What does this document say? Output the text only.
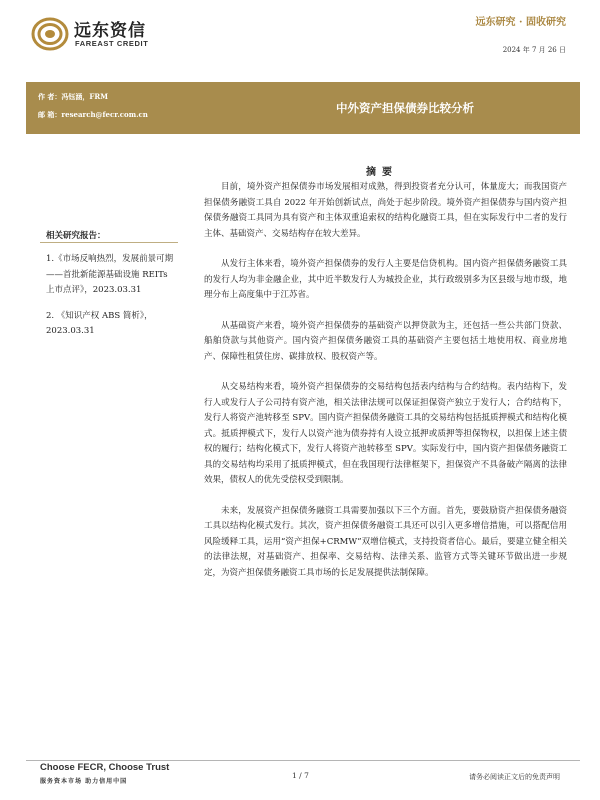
远东资信
FAREAST CREDIT
远东研究 · 固收研究
2024 年 7 月 26 日
作 者：冯钰涵，FRM
邮 箱：research@fecr.com.cn	中外资产担保债券比较分析
相关研究报告：
1.《市场反响热烈，发展前景可期——首批新能源基础设施 REITs 上市点评》，2023.03.31
2. 《知识产权 ABS 简析》，2023.03.31
摘要

目前，境外资产担保债券市场发展相对成熟，得到投资者充分认可，体量庞大；而我国资产担保债务融资工具自 2022 年开始创新试点，尚处于起步阶段。境外资产担保债券与国内资产担保债务融资工具同为具有资产和主体双重追索权的结构化融资工具，但在实际发行中二者的发行主体、基础资产、交易结构存在较大差异。

从发行主体来看，境外资产担保债券的发行人主要是信贷机构。国内资产担保债务融资工具的发行人均为非金融企业，其中近半数发行人为城投企业，其行政级别多为区县级与地市级，地理分布上高度集中于江苏省。

从基础资产来看，境外资产担保债券的基础资产以押贷款为主，还包括一些公共部门贷款、船舶贷款与其他资产。国内资产担保债务融资工具的基础资产主要包括土地使用权、商业房地产、保障性租赁住房、碳排放权、股权资产等。

从交易结构来看，境外资产担保债券的交易结构包括表内结构与合约结构。表内结构下，发行人或发行人子公司持有资产池，相关法律法规可以保证担保资产独立于发行人；合约结构下，发行人将资产池转移至 SPV。国内资产担保债务融资工具的交易结构包括抵质押模式和结构化模式。抵质押模式下，发行人以资产池为债券持有人设立抵押或质押等担保物权，以担保上述主债权的履行；结构化模式下，发行人将资产池转移至 SPV。实际发行中，国内资产担保债务融资工具的交易结构均采用了抵质押模式，但在我国现行法律框架下，担保资产不具备破产隔离的法律效果，债权人的优先受偿权受到限制。

未来，发展资产担保债务融资工具需要加强以下三个方面。首先，要鼓励资产担保债务融资工具以结构化模式发行。其次，资产担保债务融资工具还可以引入更多增信措施，可以搭配信用风险缓释工具，运用“资产担保+CRMW”双增信模式，支持投资者信心。最后，要建立健全相关的法律法规，对基础资产、担保率、交易结构、法律关系、监管方式等关键环节做出进一步规定，为资产担保债务融资工具市场的长足发展提供法制保障。

Choose FECR, Choose Trust
服务资本市场 助力信用中国
1 / 7	请务必阅读正文后的免责声明
